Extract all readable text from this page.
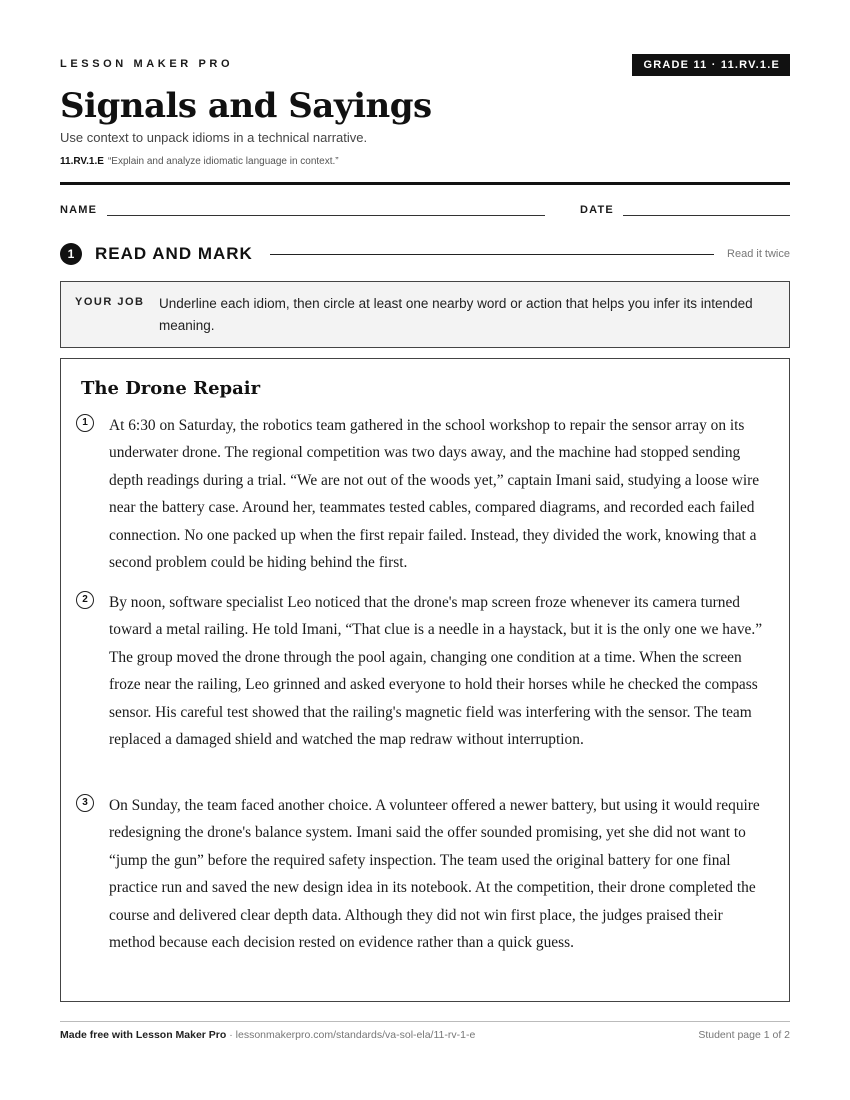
LESSON MAKER PRO	GRADE 11 · 11.RV.1.E
Signals and Sayings
Use context to unpack idioms in a technical narrative.
11.RV.1.E “Explain and analyze idiomatic language in context.”
NAME	DATE
1	READ AND MARK	Read it twice
YOUR JOB Underline each idiom, then circle at least one nearby word or action that helps you infer its intended meaning.
The Drone Repair
1	At 6:30 on Saturday, the robotics team gathered in the school workshop to repair the sensor array on its underwater drone. The regional competition was two days away, and the machine had stopped sending depth readings during a trial. “We are not out of the woods yet,” captain Imani said, studying a loose wire near the battery case. Around her, teammates tested cables, compared diagrams, and recorded each failed connection. No one packed up when the first repair failed. Instead, they divided the work, knowing that a second problem could be hiding behind the first.

2	By noon, software specialist Leo noticed that the drone's map screen froze whenever its camera turned toward a metal railing. He told Imani, “That clue is a needle in a haystack, but it is the only one we have.” The group moved the drone through the pool again, changing one condition at a time. When the screen froze near the railing, Leo grinned and asked everyone to hold their horses while he checked the compass sensor. His careful test showed that the railing's magnetic field was interfering with the sensor. The team replaced a damaged shield and watched the map redraw without interruption.

3	On Sunday, the team faced another choice. A volunteer offered a newer battery, but using it would require redesigning the drone's balance system. Imani said the offer sounded promising, yet she did not want to “jump the gun” before the required safety inspection. The team used the original battery for one final practice run and saved the new design idea in its notebook. At the competition, their drone completed the course and delivered clear depth data. Although they did not win first place, the judges praised their method because each decision rested on evidence rather than a quick guess.

Made free with Lesson Maker Pro · lessonmakerpro.com/standards/va-sol-ela/11-rv-1-e	Student page 1 of 2
